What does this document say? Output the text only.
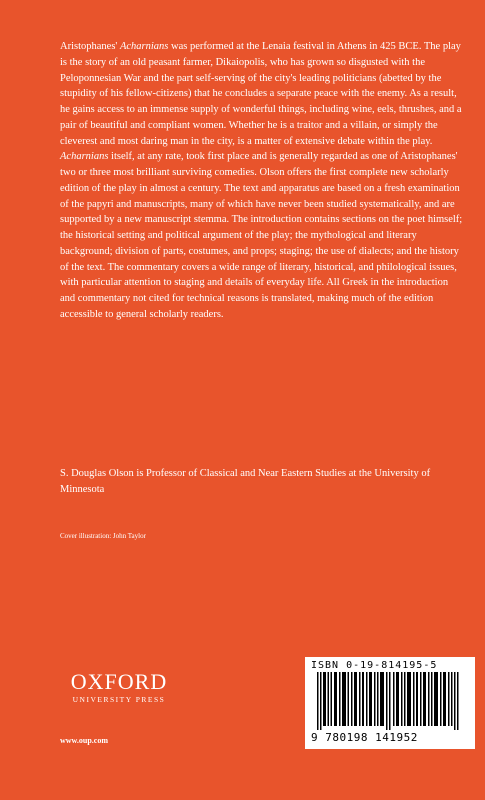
Aristophanes' Acharnians was performed at the Lenaia festival in Athens in 425 BCE. The play is the story of an old peasant farmer, Dikaiopolis, who has grown so disgusted with the Peloponnesian War and the part self-serving of the city's leading politicians (abetted by the stupidity of his fellow-citizens) that he concludes a separate peace with the enemy. As a result, he gains access to an immense supply of wonderful things, including wine, eels, thrushes, and a pair of beautiful and compliant women. Whether he is a traitor and a villain, or simply the cleverest and most daring man in the city, is a matter of extensive debate within the play. Acharnians itself, at any rate, took first place and is generally regarded as one of Aristophanes' two or three most brilliant surviving comedies. Olson offers the first complete new scholarly edition of the play in almost a century. The text and apparatus are based on a fresh examination of the papyri and manuscripts, many of which have never been studied systematically, and are supported by a new manuscript stemma. The introduction contains sections on the poet himself; the historical setting and political argument of the play; the mythological and literary background; division of parts, costumes, and props; staging; the use of dialects; and the history of the text. The commentary covers a wide range of literary, historical, and philological issues, with particular attention to staging and details of everyday life. All Greek in the introduction and commentary not cited for technical reasons is translated, making much of the edition accessible to general scholarly readers.

S. Douglas Olson is Professor of Classical and Near Eastern Studies at the University of Minnesota

Cover illustration: John Taylor
OXFORD
UNIVERSITY PRESS
www.oup.com
ISBN 0-19-814195-5
9 780198 141952
